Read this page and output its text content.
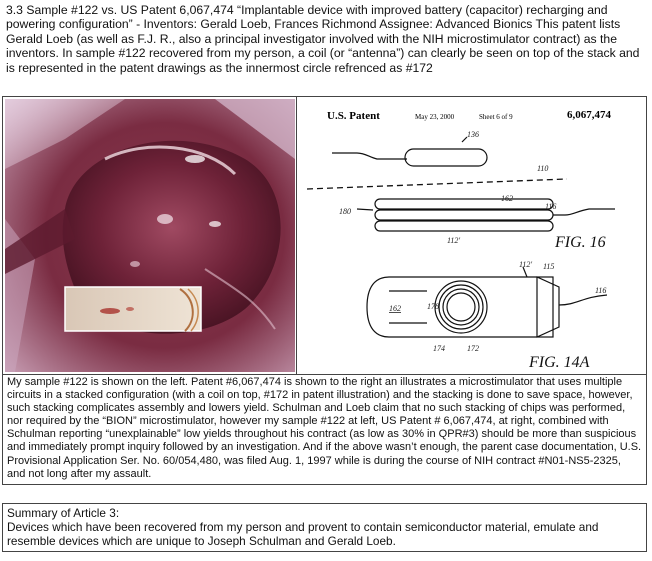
3.3 Sample #122 vs. US Patent 6,067,474 “Implantable device with improved battery (capacitor) recharging and powering configuration” - Inventors: Gerald Loeb, Frances Richmond Assignee: Advanced Bionics This patent lists Gerald Loeb (as well as F.J. R., also a principal investigator involved with the NIH microstimulator contract) as the inventors. In sample #122 recovered from my person, a coil (or “antenna”) can clearly be seen on top of the stack and is represented in the patent drawings as the innermost circle refrenced as #172
U.S. Patent	May 23, 2000	Sheet 6 of 9	6,067,474
136
110
162
116
180
112'	FIG. 16
112' 115
116
162	178
174	172
FIG. 14A
My sample #122 is shown on the left. Patent #6,067,474 is shown to the right an illustrates a microstimulator that uses multiple circuits in a stacked configuration (with a coil on top, #172 in patent illustration) and the stacking is done to save space, however, such stacking complicates assembly and lowers yield. Schulman and Loeb claim that no such stacking of chips was performed, nor required by the “BION” microstimulator, however my sample #122 at left, US Patent # 6,067,474, at right, combined with Schulman reporting “unexplainable” low yields throughout his contract (as low as 30% in QPR#3) should be more than suspicious and immediately prompt inquiry followed by an investigation. And if the above wasn’t enough, the parent case documentation, U.S. Provisional Application Ser. No. 60/054,480, was filed Aug. 1, 1997 while is during the course of NIH contract #N01-NS5-2325, and not long after my assault.
Summary of Article 3:
Devices which have been recovered from my person and provent to contain semiconductor material, emulate and resemble devices which are unique to Joseph Schulman and Gerald Loeb.
